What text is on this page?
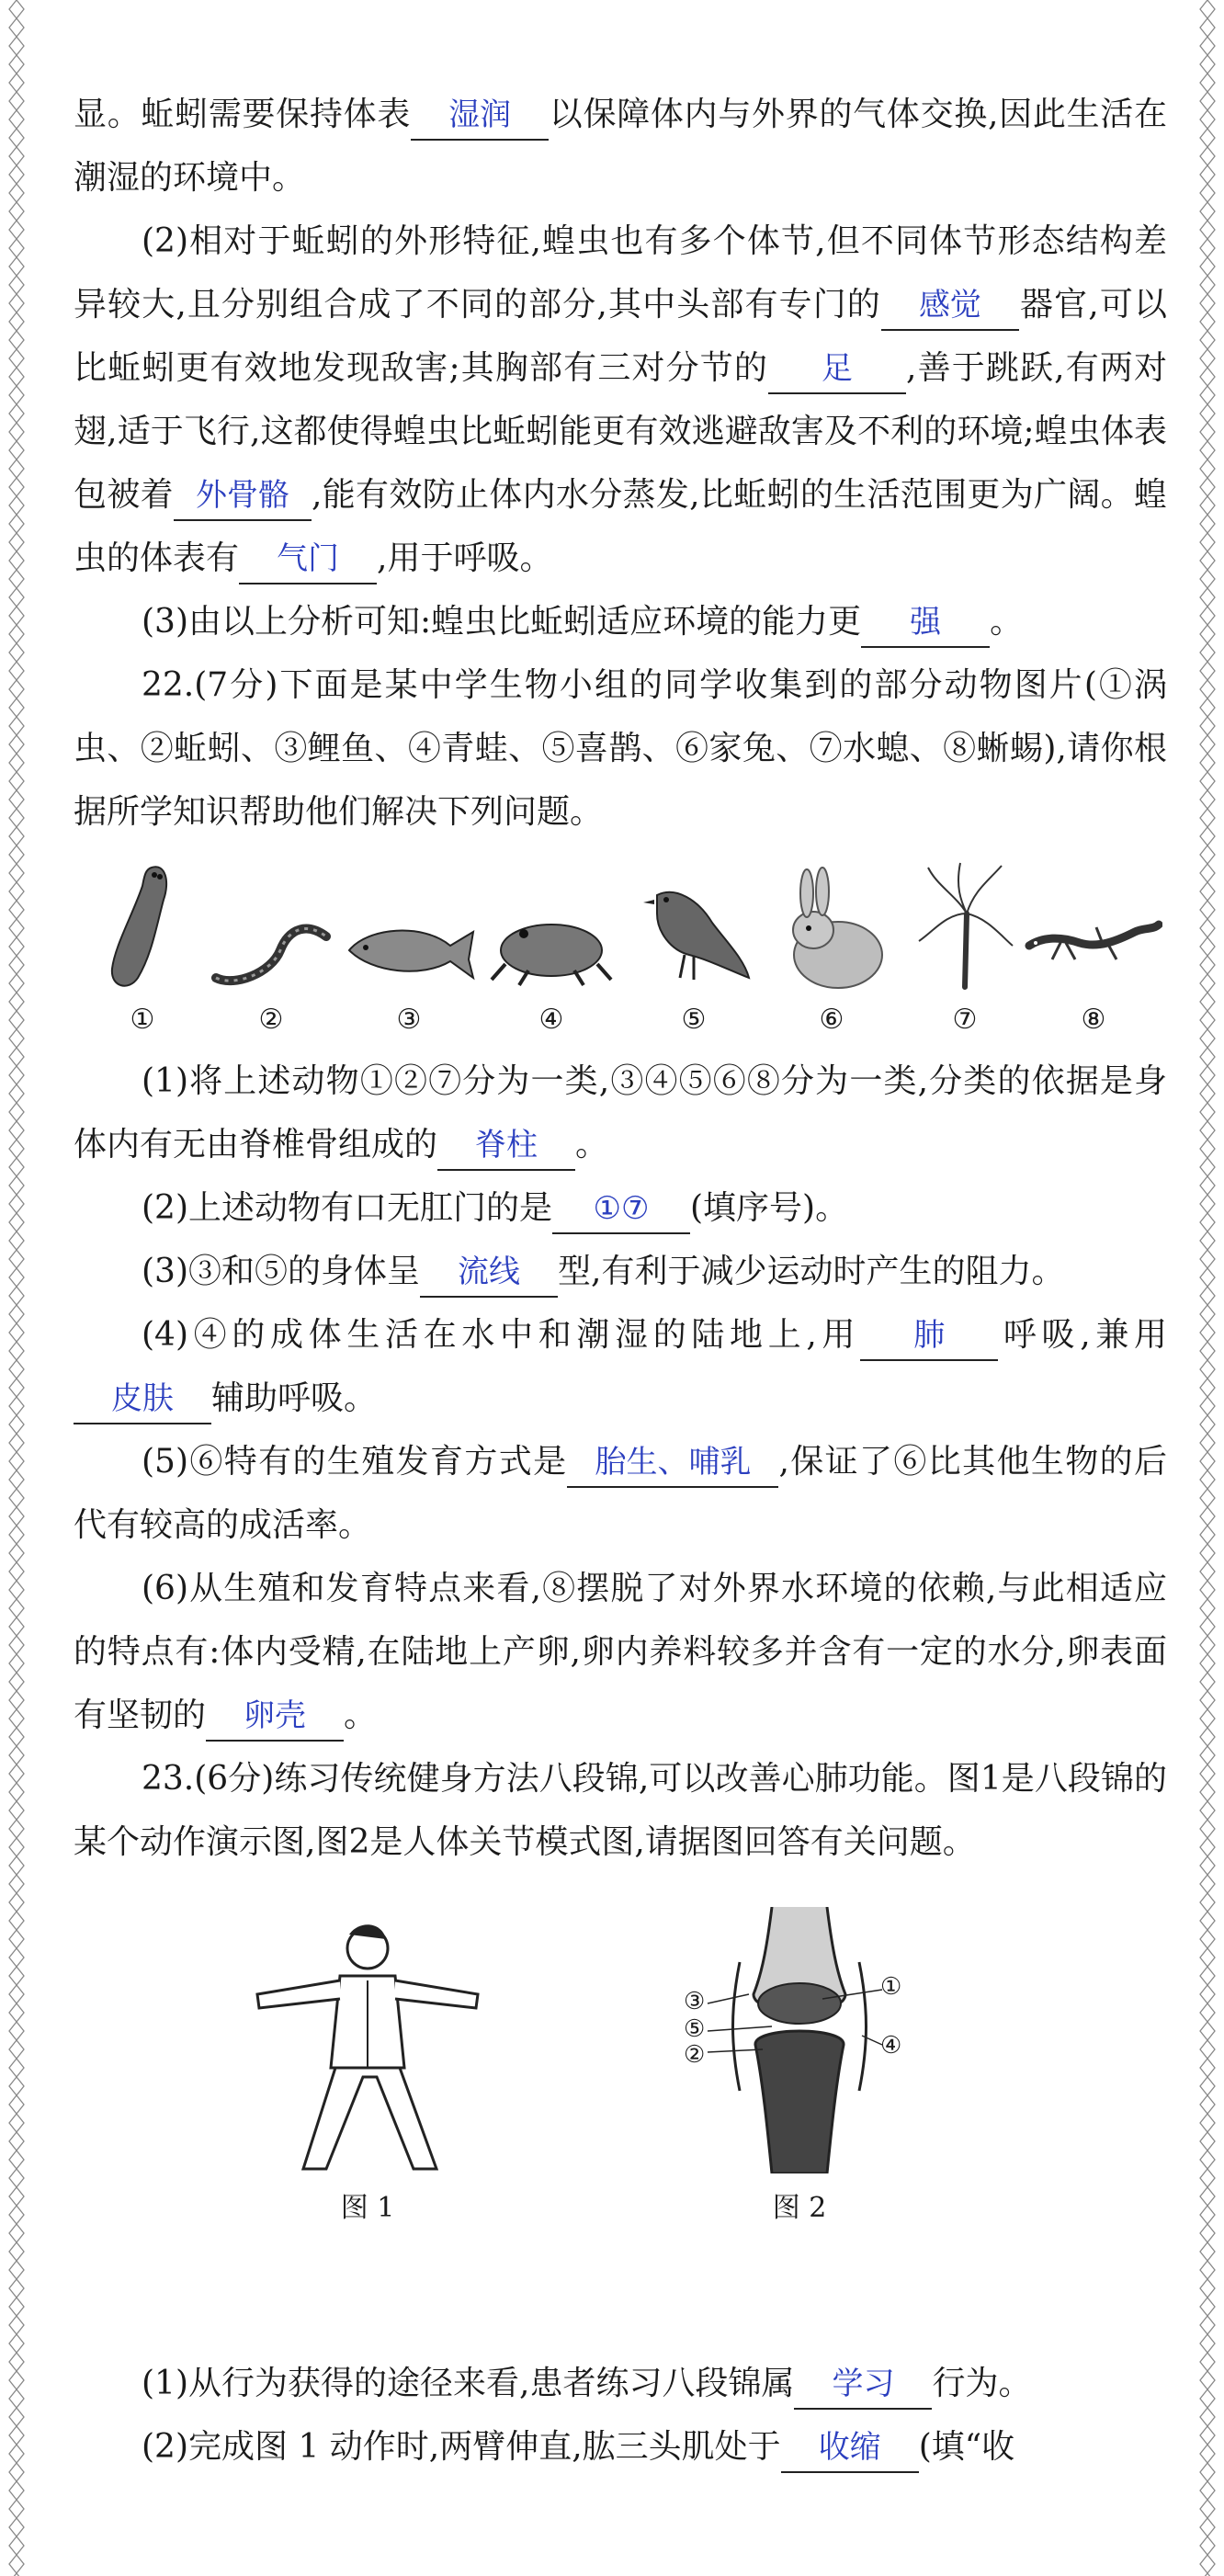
显。蚯蚓需要保持体表 湿润 以保障体内与外界的气体交换,因此生活在潮湿的环境中。

(2)相对于蚯蚓的外形特征,蝗虫也有多个体节,但不同体节形态结构差异较大,且分别组合成了不同的部分,其中头部有专门的 感觉 器官,可以比蚯蚓更有效地发现敌害;其胸部有三对分节的 足 ,善于跳跃,有两对翅,适于飞行,这都使得蝗虫比蚯蚓能更有效逃避敌害及不利的环境;蝗虫体表包被着 外骨骼 ,能有效防止体内水分蒸发,比蚯蚓的生活范围更为广阔。蝗虫的体表有 气门 ,用于呼吸。

(3)由以上分析可知:蝗虫比蚯蚓适应环境的能力更 强 。

22.(7分)下面是某中学生物小组的同学收集到的部分动物图片(①涡虫、②蚯蚓、③鲤鱼、④青蛙、⑤喜鹊、⑥家兔、⑦水螅、⑧蜥蜴),请你根据所学知识帮助他们解决下列问题。

①	②	③	④	⑤	⑥	⑦	⑧

(1)将上述动物①②⑦分为一类,③④⑤⑥⑧分为一类,分类的依据是身体内有无由脊椎骨组成的 脊柱 。

(2)上述动物有口无肛门的是 ①⑦ (填序号)。

(3)③和⑤的身体呈 流线 型,有利于减少运动时产生的阻力。

(4)④的成体生活在水中和潮湿的陆地上,用 肺 呼吸,兼用皮肤 辅助呼吸。

(5)⑥特有的生殖发育方式是 胎生、哺乳 ,保证了⑥比其他生物的后代有较高的成活率。

(6)从生殖和发育特点来看,⑧摆脱了对外界水环境的依赖,与此相适应的特点有:体内受精,在陆地上产卵,卵内养料较多并含有一定的水分,卵表面有坚韧的 卵壳 。

23.(6分)练习传统健身方法八段锦,可以改善心肺功能。图1是八段锦的某个动作演示图,图2是人体关节模式图,请据图回答有关问题。

图 1
①
③
⑤
②	④
图 2

(1)从行为获得的途径来看,患者练习八段锦属 学习 行为。

(2)完成图 1 动作时,两臂伸直,肱三头肌处于 收缩 (填“收
